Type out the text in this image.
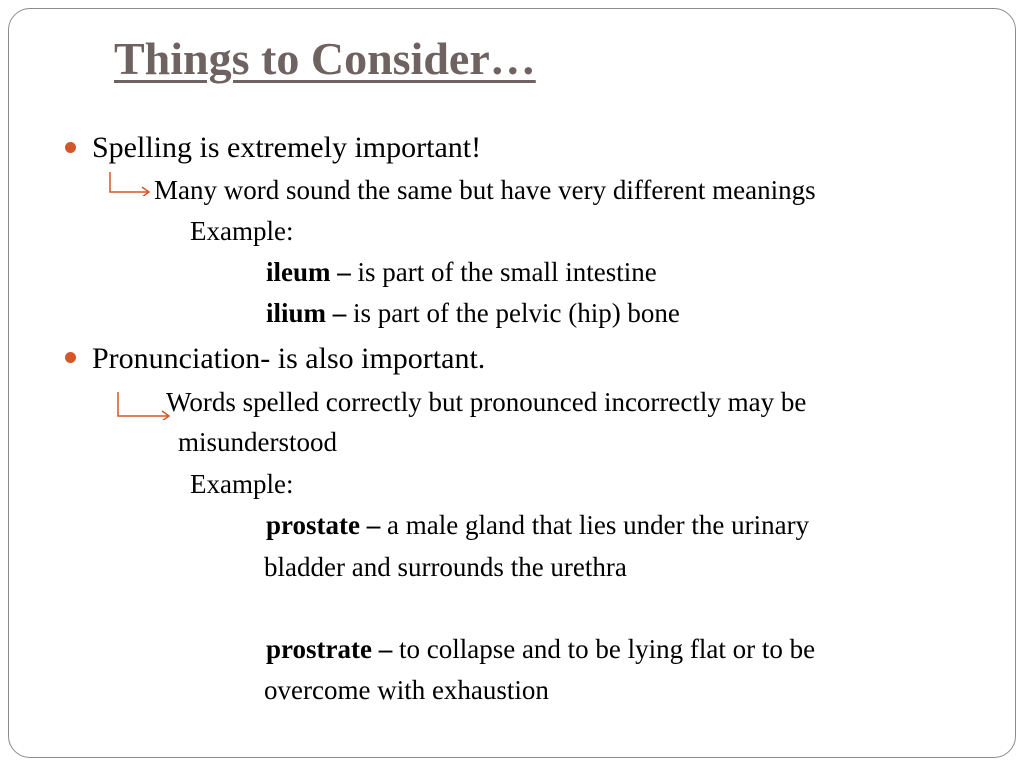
Things to Consider…
Spelling is extremely important!
Many word sound the same but have very different meanings
Example:
ileum – is part of the small intestine
ilium – is part of the pelvic (hip) bone
Pronunciation- is also important.
Words spelled correctly but pronounced incorrectly may be
misunderstood
Example:
prostate – a male gland that lies under the urinary
bladder and surrounds the urethra
prostrate – to collapse and to be lying flat or to be
overcome with exhaustion
